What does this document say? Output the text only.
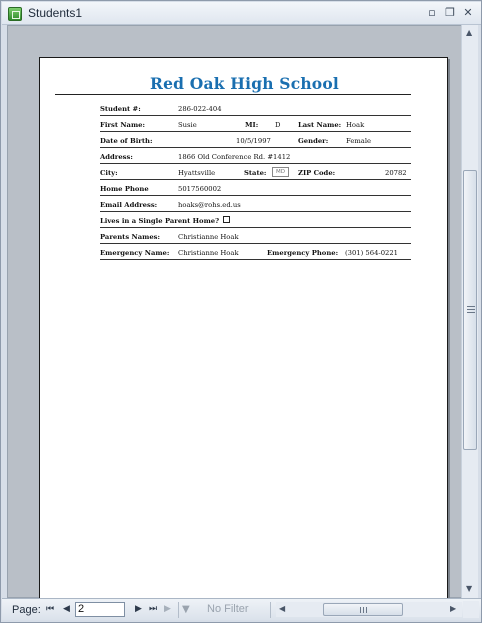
Students1	▫ ❐ ✕
Red Oak High School
Student #:	286-022-404
First Name:	Susie	MI: D	Last Name: Hoak
Date of Birth:	10/5/1997	Gender:	Female
Address:	1866 Old Conference Rd. #1412
City:	Hyattsville	State:	MD	ZIP Code:	20782
Home Phone	5017560002
Email Address:	hoaks@rohs.ed.us
Lives in a Single Parent Home?
Parents Names:	Christianne Hoak
Emergency Name: Christianne Hoak	Emergency Phone: (301) 564-0221
▲
▼
Page: ⏮ ◀ 2	▶ ⏭ ▶ ▼ No Filter	◀	▶
